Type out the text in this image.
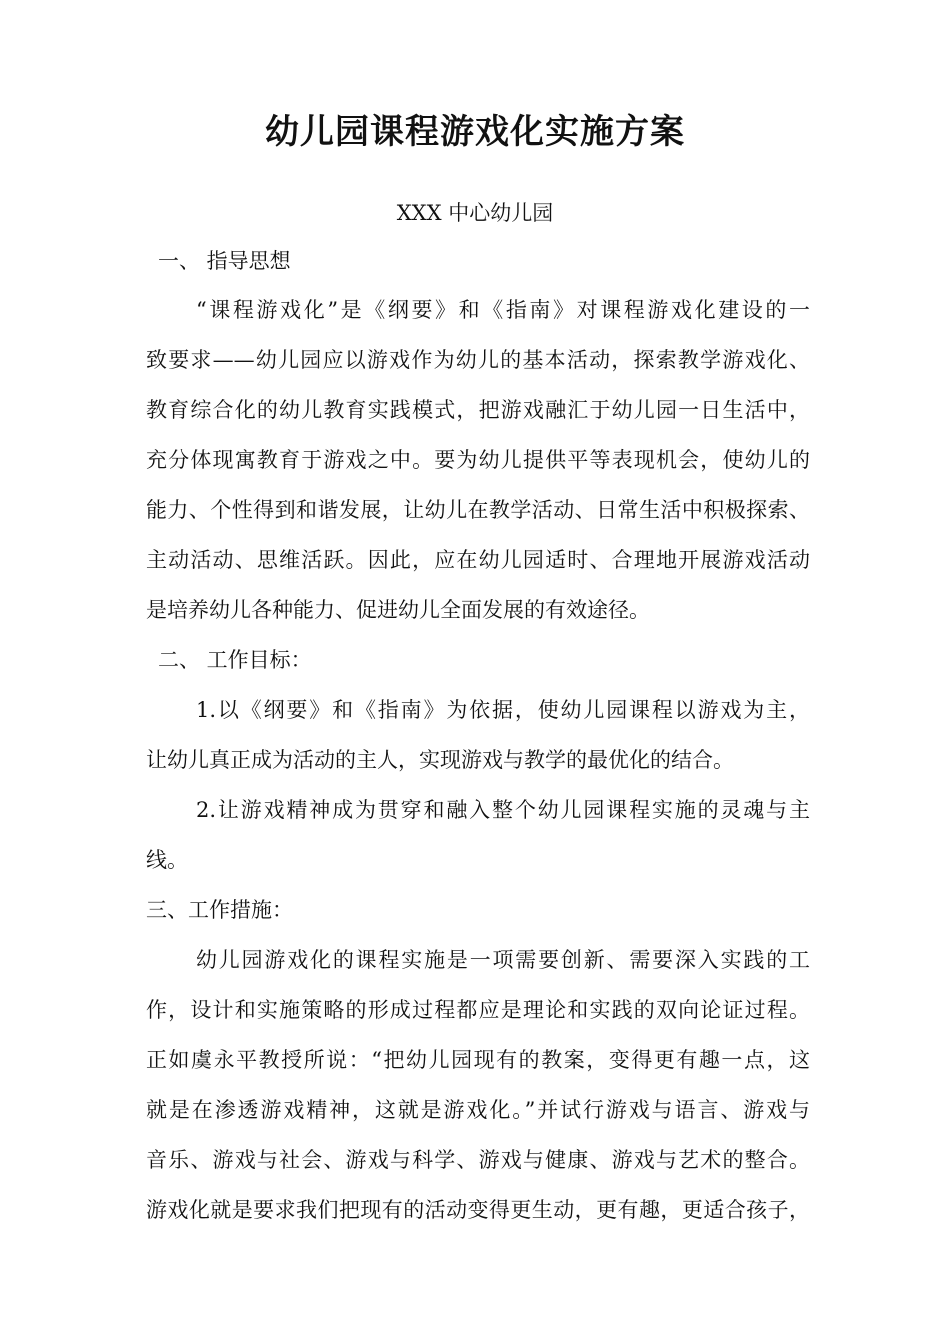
幼儿园课程游戏化实施方案

XXX 中心幼儿园

一、 指导思想

“课程游戏化”是《纲要》和《指南》对课程游戏化建设的一

致要求——幼儿园应以游戏作为幼儿的基本活动，探索教学游戏化、

教育综合化的幼儿教育实践模式，把游戏融汇于幼儿园一日生活中，

充分体现寓教育于游戏之中。要为幼儿提供平等表现机会，使幼儿的

能力、个性得到和谐发展，让幼儿在教学活动、日常生活中积极探索、

主动活动、思维活跃。因此，应在幼儿园适时、合理地开展游戏活动

是培养幼儿各种能力、促进幼儿全面发展的有效途径。

二、 工作目标：

1.以《纲要》和《指南》为依据，使幼儿园课程以游戏为主，

让幼儿真正成为活动的主人，实现游戏与教学的最优化的结合。

2.让游戏精神成为贯穿和融入整个幼儿园课程实施的灵魂与主

线。

三、工作措施：

幼儿园游戏化的课程实施是一项需要创新、需要深入实践的工

作，设计和实施策略的形成过程都应是理论和实践的双向论证过程。

正如虞永平教授所说：“把幼儿园现有的教案，变得更有趣一点，这

就是在渗透游戏精神，这就是游戏化。”并试行游戏与语言、游戏与

音乐、游戏与社会、游戏与科学、游戏与健康、游戏与艺术的整合。

游戏化就是要求我们把现有的活动变得更生动，更有趣，更适合孩子，
